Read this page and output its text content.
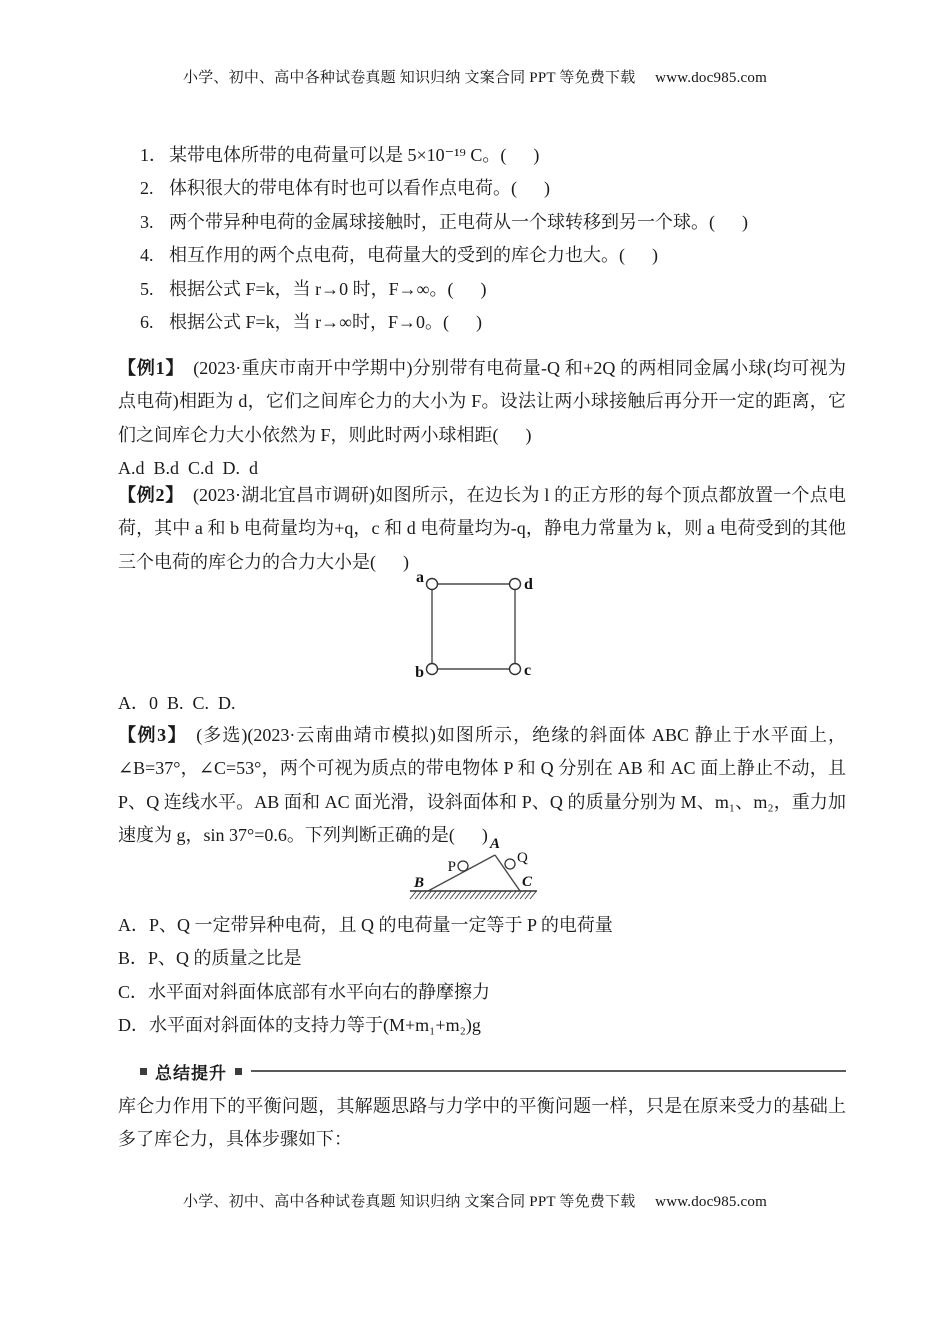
小学、初中、高中各种试卷真题 知识归纳 文案合同 PPT 等免费下载     www.doc985.com
1． 某带电体所带的电荷量可以是 5×10⁻¹⁹ C。(      )
2. 体积很大的带电体有时也可以看作点电荷。(      )
3. 两个带异种电荷的金属球接触时，正电荷从一个球转移到另一个球。(      )
4. 相互作用的两个点电荷，电荷量大的受到的库仑力也大。(      )
5. 根据公式 F=k，当 r→0 时，F→∞。(      )
6. 根据公式 F=k，当 r→∞时，F→0。(      )
【例1】 (2023·重庆市南开中学期中)分别带有电荷量-Q 和+2Q 的两相同金属小球(均可视为点电荷)相距为 d，它们之间库仑力的大小为 F。设法让两小球接触后再分开一定的距离，它们之间库仑力大小依然为 F，则此时两小球相距(      )
A.d  B.d  C.d  D.  d
【例2】 (2023·湖北宜昌市调研)如图所示，在边长为 l 的正方形的每个顶点都放置一个点电荷，其中 a 和 b 电荷量均为+q，c 和 d 电荷量均为-q，静电力常量为 k，则 a 电荷受到的其他三个电荷的库仑力的合力大小是(      )
a	d
b	c
A．0  B.  C.  D.
【例3】 (多选)(2023·云南曲靖市模拟)如图所示，绝缘的斜面体 ABC 静止于水平面上，∠B=37°，∠C=53°，两个可视为质点的带电物体 P 和 Q 分别在 AB 和 AC 面上静止不动，且 P、Q 连线水平。AB 面和 AC 面光滑，设斜面体和 P、Q 的质量分别为 M、m₁、m₂，重力加速度为 g，sin 37°=0.6。下列判断正确的是(      ) A
B	C
P
Q
A．P、Q 一定带异种电荷，且 Q 的电荷量一定等于 P 的电荷量
B．P、Q 的质量之比是
C．水平面对斜面体底部有水平向右的静摩擦力
D．水平面对斜面体的支持力等于(M+m₁+m₂)g
总结提升
库仑力作用下的平衡问题，其解题思路与力学中的平衡问题一样，只是在原来受力的基础上多了库仑力，具体步骤如下：
小学、初中、高中各种试卷真题 知识归纳 文案合同 PPT 等免费下载     www.doc985.com
